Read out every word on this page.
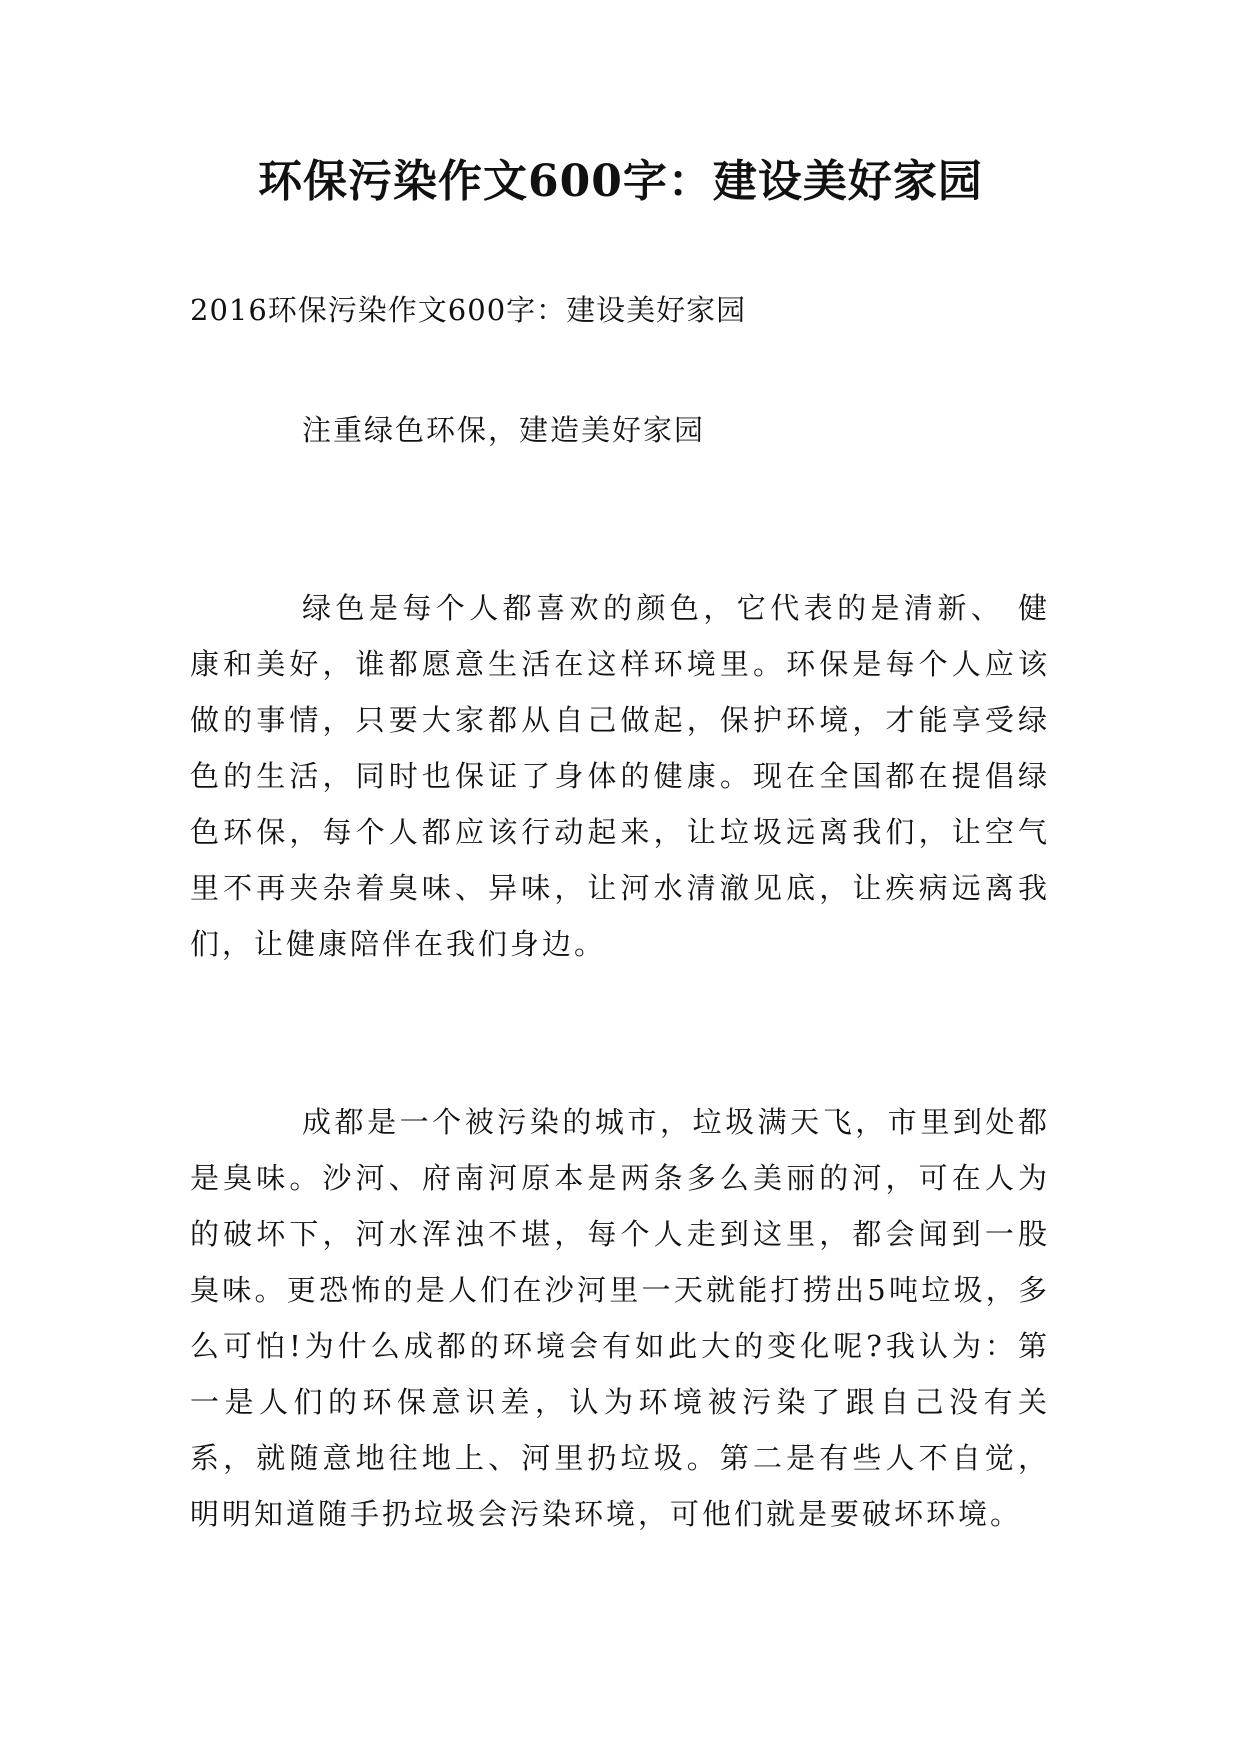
环保污染作文600字：建设美好家园

2016环保污染作文600字：建设美好家园

注重绿色环保，建造美好家园

绿色是每个人都喜欢的颜色，它代表的是清新、 健康和美好，谁都愿意生活在这样环境里。环保是每个人应该做的事情，只要大家都从自己做起，保护环境，才能享受绿色的生活，同时也保证了身体的健康。现在全国都在提倡绿色环保，每个人都应该行动起来，让垃圾远离我们，让空气里不再夹杂着臭味、异味，让河水清澈见底，让疾病远离我们，让健康陪伴在我们身边。

成都是一个被污染的城市，垃圾满天飞，市里到处都是臭味。沙河、府南河原本是两条多么美丽的河，可在人为的破坏下，河水浑浊不堪，每个人走到这里，都会闻到一股臭味。更恐怖的是人们在沙河里一天就能打捞出5吨垃圾，多么可怕!为什么成都的环境会有如此大的变化呢?我认为：第一是人们的环保意识差，认为环境被污染了跟自己没有关系，就随意地往地上、河里扔垃圾。第二是有些人不自觉，明明知道随手扔垃圾会污染环境，可他们就是要破坏环境。
